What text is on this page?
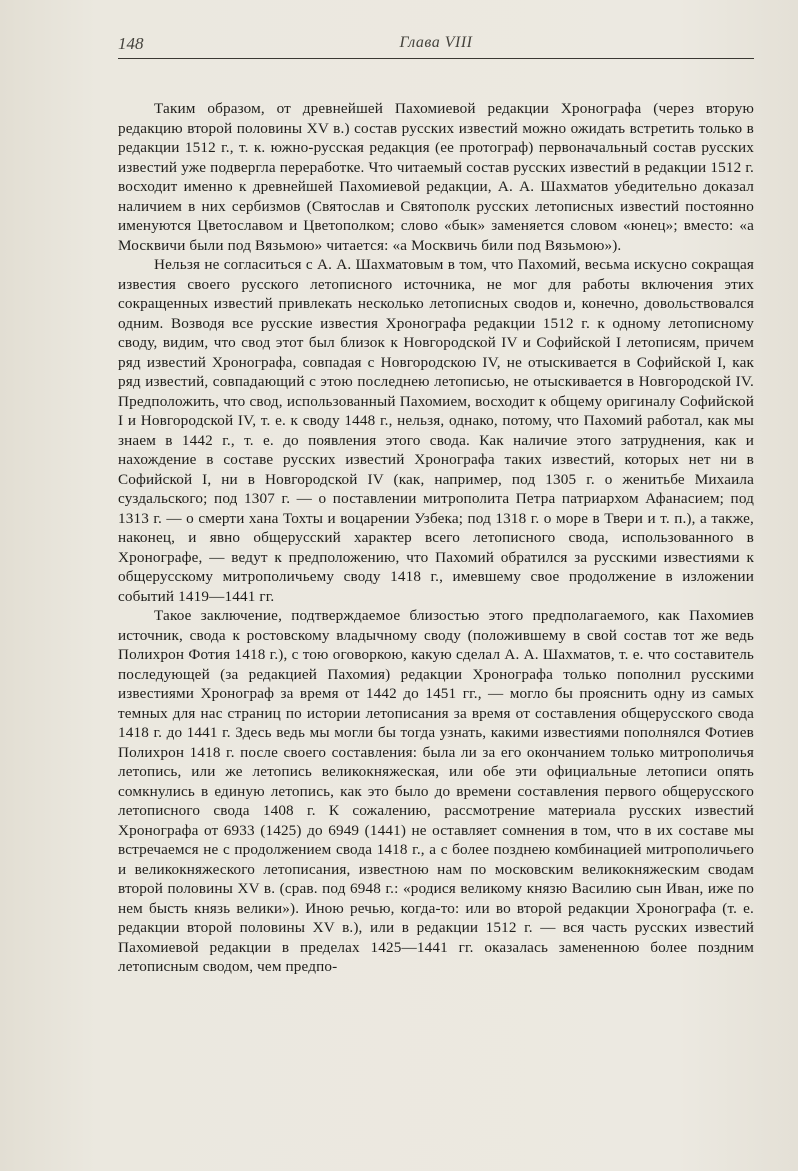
148	Глава VIII

Таким образом, от древнейшей Пахомиевой редакции Хронографа (через вторую редакцию второй половины XV в.) состав русских известий можно ожидать встретить только в редакции 1512 г., т. к. южно-русская редакция (ее протограф) первоначальный состав русских известий уже подвергла переработке. Что читаемый состав русских известий в редакции 1512 г. восходит именно к древнейшей Пахомиевой редакции, А. А. Шахматов убедительно доказал наличием в них сербизмов (Святослав и Святополк русских летописных известий постоянно именуются Цветославом и Цветополком; слово «бык» заменяется словом «юнец»; вместо: «а Москвичи были под Вязьмою» читается: «а Москвичь били под Вязьмою»).

Нельзя не согласиться с А. А. Шахматовым в том, что Пахомий, весьма искусно сокращая известия своего русского летописного источника, не мог для работы включения этих сокращенных известий привлекать несколько летописных сводов и, конечно, довольствовался одним. Возводя все русские известия Хронографа редакции 1512 г. к одному летописному своду, видим, что свод этот был близок к Новгородской IV и Софийской I летописям, причем ряд известий Хронографа, совпадая с Новгородскою IV, не отыскивается в Софийской I, как ряд известий, совпадающий с этою последнею летописью, не отыскивается в Новгородской IV. Предположить, что свод, использованный Пахомием, восходит к общему оригиналу Софийской I и Новгородской IV, т. е. к своду 1448 г., нельзя, однако, потому, что Пахомий работал, как мы знаем в 1442 г., т. е. до появления этого свода. Как наличие этого затруднения, как и нахождение в составе русских известий Хронографа таких известий, которых нет ни в Софийской I, ни в Новгородской IV (как, например, под 1305 г. о женитьбе Михаила суздальского; под 1307 г. — о поставлении митрополита Петра патриархом Афанасием; под 1313 г. — о смерти хана Тохты и воцарении Узбека; под 1318 г. о море в Твери и т. п.), а также, наконец, и явно общерусский характер всего летописного свода, использованного в Хронографе, — ведут к предположению, что Пахомий обратился за русскими известиями к общерусскому митрополичьему своду 1418 г., имевшему свое продолжение в изложении событий 1419—1441 гг.

Такое заключение, подтверждаемое близостью этого предполагаемого, как Пахомиев источник, свода к ростовскому владычному своду (положившему в свой состав тот же ведь Полихрон Фотия 1418 г.), с тою оговоркою, какую сделал А. А. Шахматов, т. е. что составитель последующей (за редакцией Пахомия) редакции Хронографа только пополнил русскими известиями Хронограф за время от 1442 до 1451 гг., — могло бы прояснить одну из самых темных для нас страниц по истории летописания за время от составления общерусского свода 1418 г. до 1441 г. Здесь ведь мы могли бы тогда узнать, какими известиями пополнялся Фотиев Полихрон 1418 г. после своего составления: была ли за его окончанием только митрополичья летопись, или же летопись великокняжеская, или обе эти официальные летописи опять сомкнулись в единую летопись, как это было до времени составления первого общерусского летописного свода 1408 г. К сожалению, рассмотрение материала русских известий Хронографа от 6933 (1425) до 6949 (1441) не оставляет сомнения в том, что в их составе мы встречаемся не с продолжением свода 1418 г., а с более позднею комбинацией митрополичьего и великокняжеского летописания, известною нам по московским великокняжеским сводам второй половины XV в. (срав. под 6948 г.: «родися великому князю Василию сын Иван, иже по нем бысть князь велики»). Иною речью, когда-то: или во второй редакции Хронографа (т. е. редакции второй половины XV в.), или в редакции 1512 г. — вся часть русских известий Пахомиевой редакции в пределах 1425—1441 гг. оказалась замененною более поздним летописным сводом, чем предпо-
